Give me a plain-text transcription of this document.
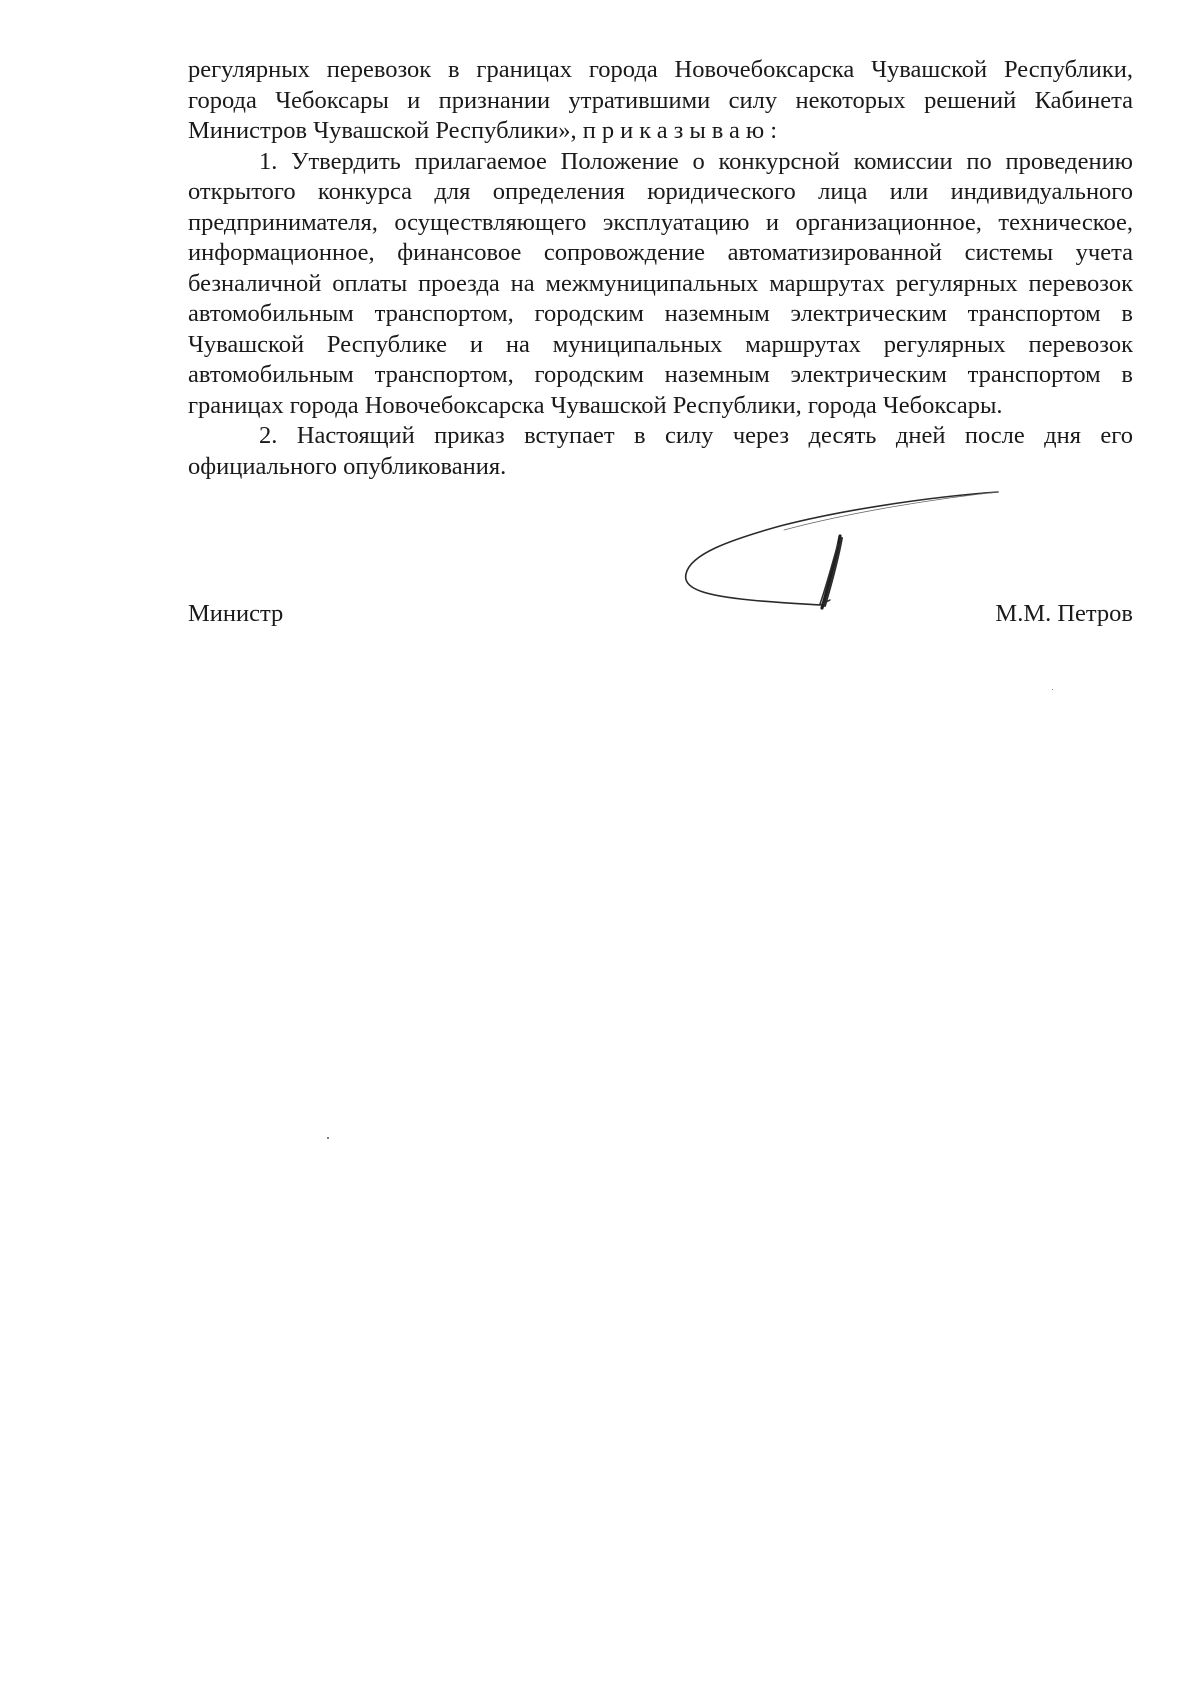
регулярных перевозок в границах города Новочебоксарска Чувашской Республики, города Чебоксары и признании утратившими силу некоторых решений Кабинета Министров Чувашской Республики», приказываю:

1. Утвердить прилагаемое Положение о конкурсной комиссии по проведению открытого конкурса для определения юридического лица или индивидуального предпринимателя, осуществляющего эксплуатацию и организационное, техническое, информационное, финансовое сопровождение автоматизированной системы учета безналичной оплаты проезда на межмуниципальных маршрутах регулярных перевозок автомобильным транспортом, городским наземным электрическим транспортом в Чувашской Республике и на муниципальных маршрутах регулярных перевозок автомобильным транспортом, городским наземным электрическим транспортом в границах города Новочебоксарска Чувашской Республики, города Чебоксары.

2. Настоящий приказ вступает в силу через десять дней после дня его официального опубликования.

Министр	М.М. Петров
